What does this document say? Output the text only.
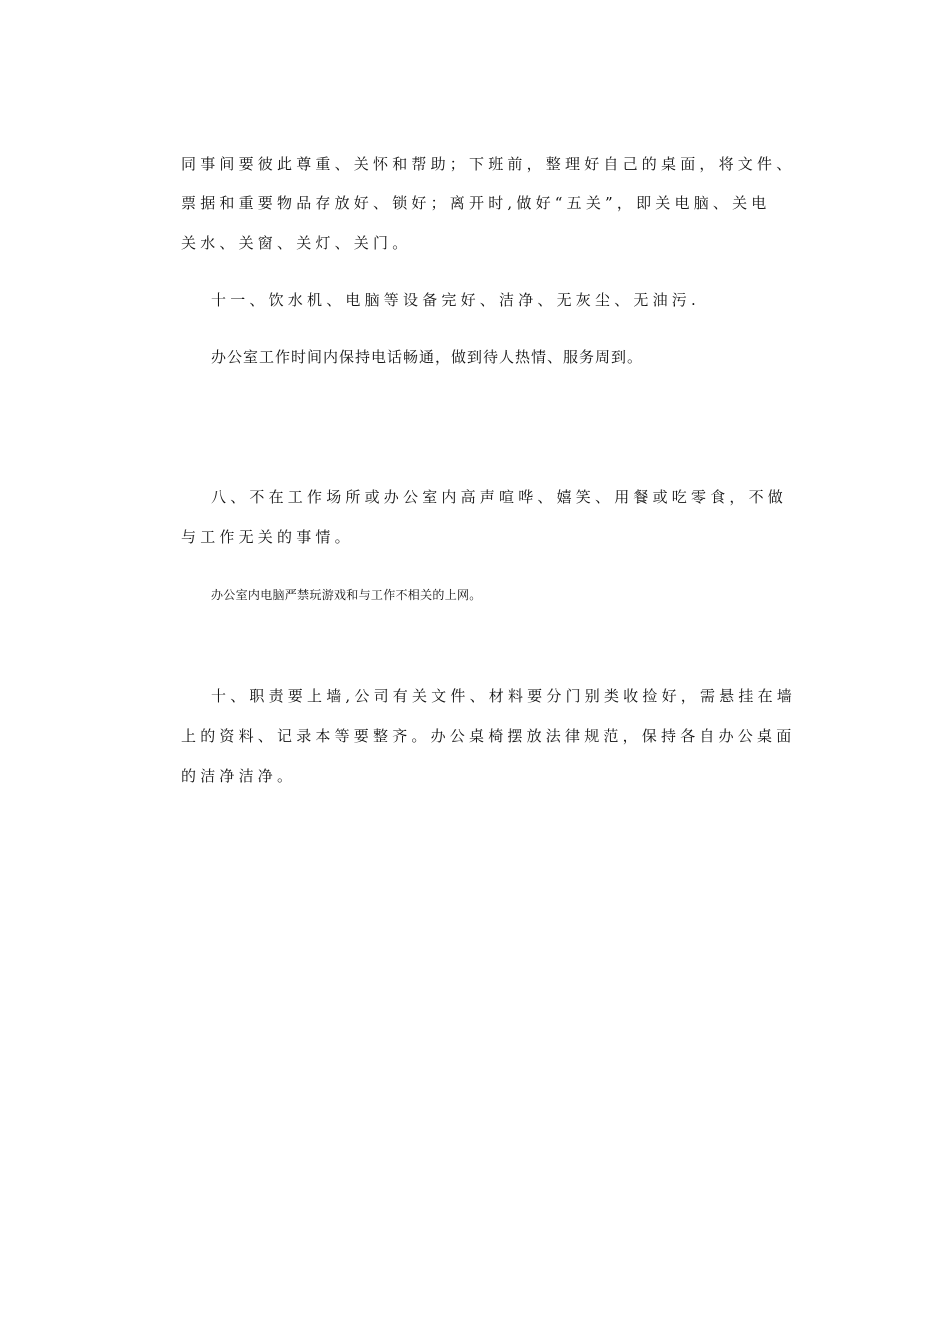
同事间要彼此尊重、关怀和帮助；下班前，整理好自己的桌面，将文件、
票据和重要物品存放好、锁好；离开时,做好“五关”，即关电脑、关电
关水、关窗、关灯、关门。
十一、饮水机、电脑等设备完好、洁净、无灰尘、无油污.
办公室工作时间内保持电话畅通，做到待人热情、服务周到。
八、不在工作场所或办公室内高声喧哗、嬉笑、用餐或吃零食，不做
与工作无关的事情。
办公室内电脑严禁玩游戏和与工作不相关的上网。
十、职责要上墙,公司有关文件、材料要分门别类收捡好，需悬挂在墙
上的资料、记录本等要整齐。办公桌椅摆放法律规范，保持各自办公桌面
的洁净洁净。
